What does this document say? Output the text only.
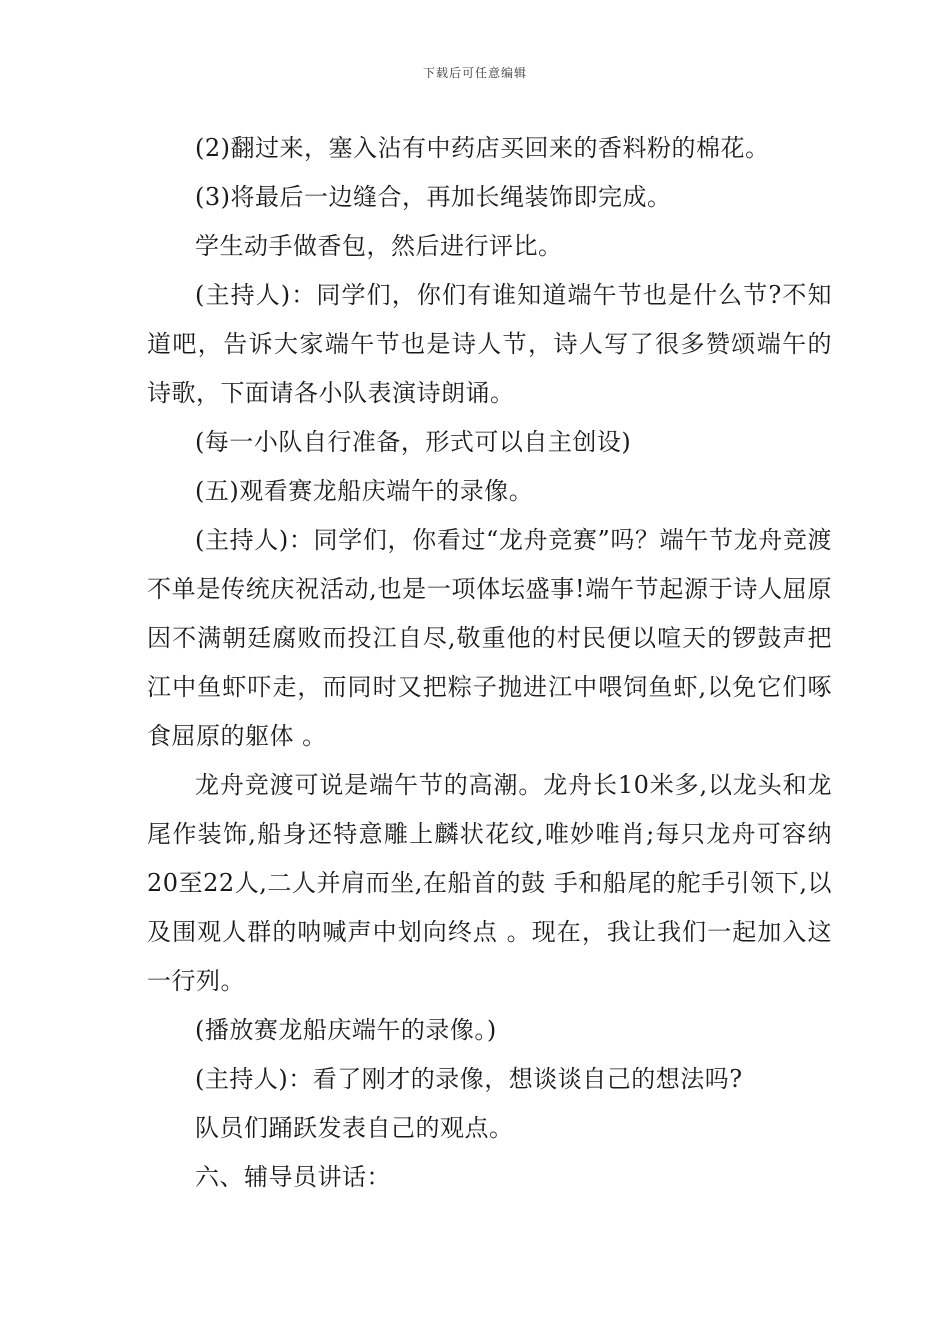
下载后可任意编辑

(2)翻过来，塞入沾有中药店买回来的香料粉的棉花。

(3)将最后一边缝合，再加长绳装饰即完成。

学生动手做香包，然后进行评比。

(主持人)：同学们，你们有谁知道端午节也是什么节?不知道吧，告诉大家端午节也是诗人节，诗人写了很多赞颂端午的诗歌，下面请各小队表演诗朗诵。

(每一小队自行准备，形式可以自主创设)

(五)观看赛龙船庆端午的录像。

(主持人)：同学们，你看过“龙舟竞赛”吗？端午节龙舟竞渡不单是传统庆祝活动,也是一项体坛盛事!端午节起源于诗人屈原因不满朝廷腐败而投江自尽,敬重他的村民便以喧天的锣鼓声把江中鱼虾吓走，而同时又把粽子抛进江中喂饲鱼虾,以免它们啄食屈原的躯体 。

龙舟竞渡可说是端午节的高潮。龙舟长10米多,以龙头和龙尾作装饰,船身还特意雕上麟状花纹,唯妙唯肖;每只龙舟可容纳20至22人,二人并肩而坐,在船首的鼓 手和船尾的舵手引领下,以及围观人群的呐喊声中划向终点 。现在，我让我们一起加入这一行列。

(播放赛龙船庆端午的录像。)

(主持人)：看了刚才的录像，想谈谈自己的想法吗?

队员们踊跃发表自己的观点。

六、辅导员讲话：
